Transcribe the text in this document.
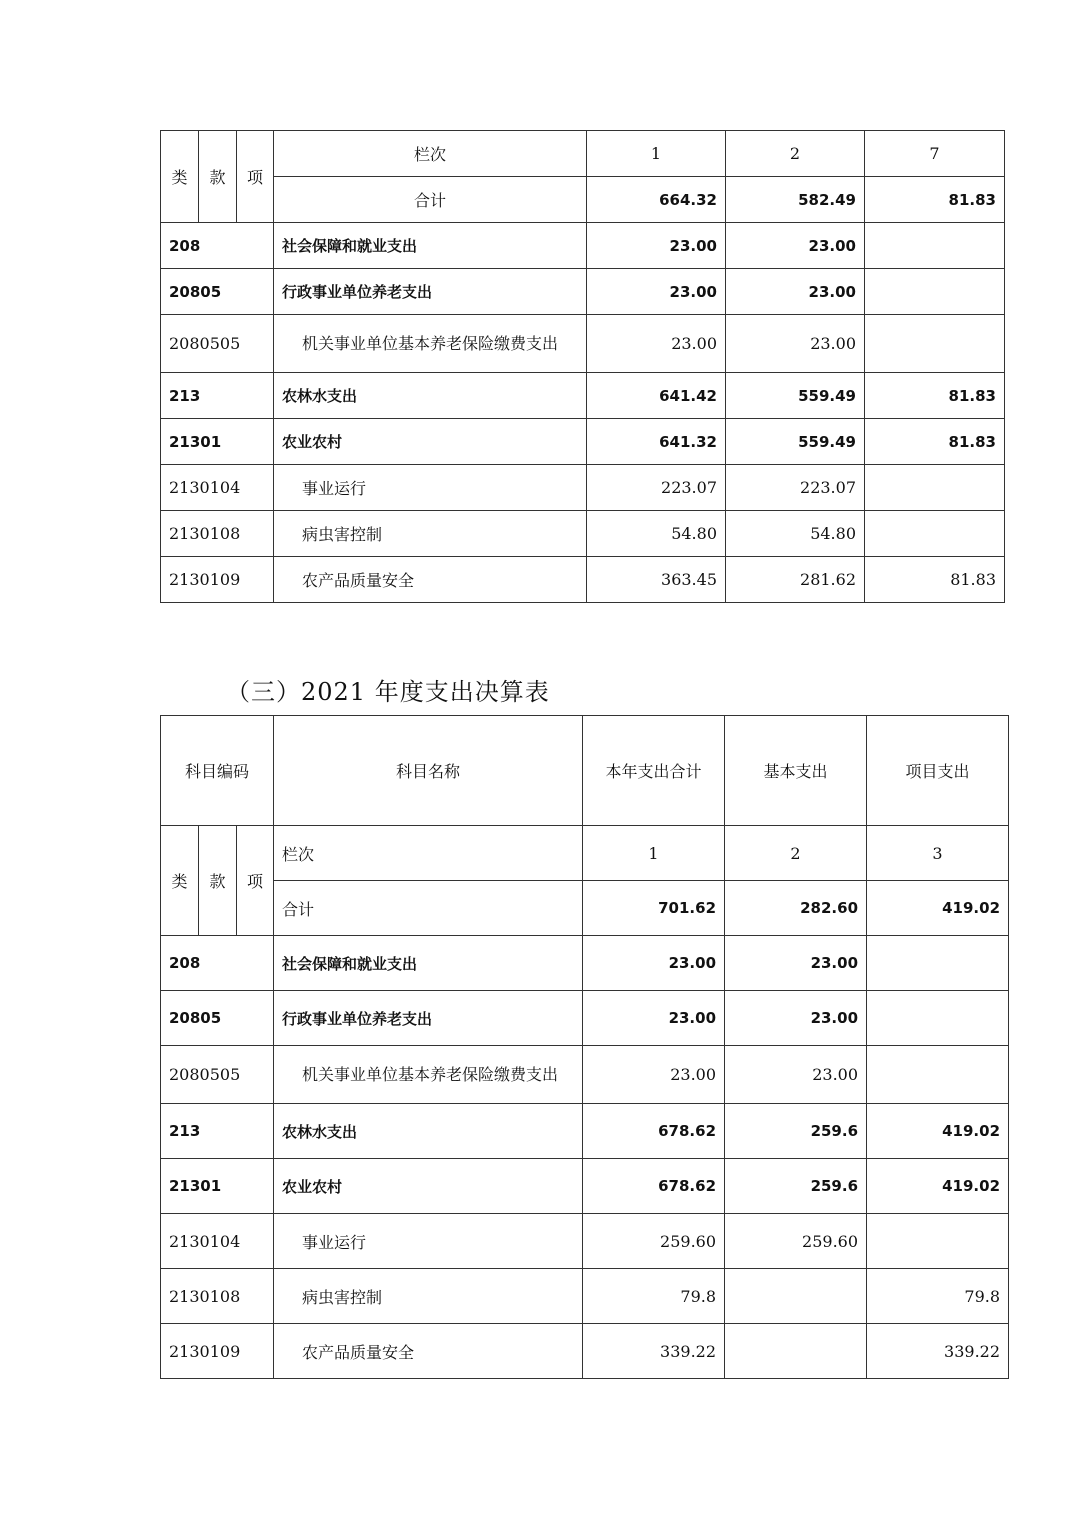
类	款	项	栏次	1	2	7
			合计	664.32	582.49	81.83
208			社会保障和就业支出	23.00	23.00	
20805			行政事业单位养老支出	23.00	23.00	
2080505			机关事业单位基本养老保险缴费支出	23.00	23.00	
213			农林水支出	641.42	559.49	81.83
21301			农业农村	641.32	559.49	81.83
2130104			事业运行	223.07	223.07	
2130108			病虫害控制	54.80	54.80	
2130109			农产品质量安全	363.45	281.62	81.83
（三）2021 年度支出决算表
科目编码			科目名称	本年支出合计	基本支出	项目支出
类	款	项	栏次	1	2	3
			合计	701.62	282.60	419.02
208			社会保障和就业支出	23.00	23.00	
20805			行政事业单位养老支出	23.00	23.00	
2080505			机关事业单位基本养老保险缴费支出	23.00	23.00	
213			农林水支出	678.62	259.6	419.02
21301			农业农村	678.62	259.6	419.02
2130104			事业运行	259.60	259.60	
2130108			病虫害控制	79.8		79.8
2130109			农产品质量安全	339.22		339.22
